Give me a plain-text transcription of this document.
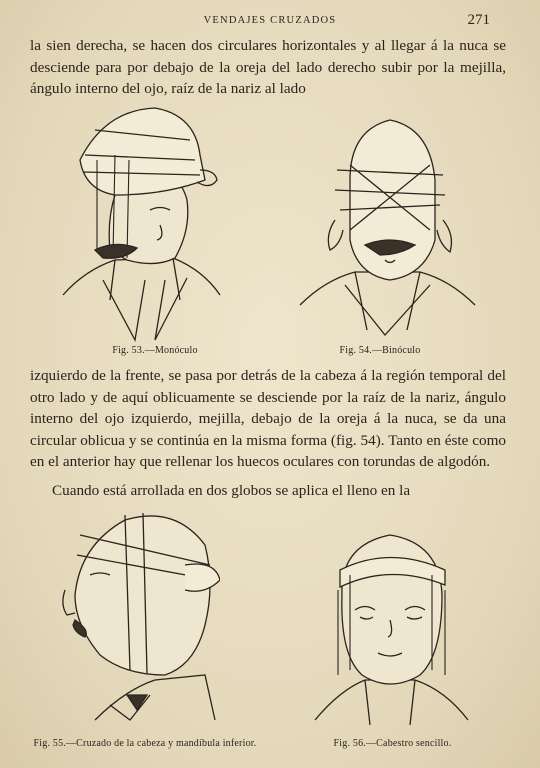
VENDAJES CRUZADOS	271

la sien derecha, se hacen dos circulares horizontales y al llegar á la nuca se desciende para por debajo de la oreja del lado derecho subir por la mejilla, ángulo interno del ojo, raíz de la nariz al lado

Fig. 53.—Monóculo	Fig. 54.—Binóculo

izquierdo de la frente, se pasa por detrás de la cabeza á la región temporal del otro lado y de aquí oblicuamente se desciende por la raíz de la nariz, ángulo interno del ojo izquierdo, mejilla, debajo de la oreja á la nuca, se da una circular oblicua y se continúa en la misma forma (fig. 54). Tanto en éste como en el anterior hay que rellenar los huecos oculares con torundas de algodón.

Cuando está arrollada en dos globos se aplica el lleno en la

Fig. 55.—Cruzado de la cabeza y mandíbula inferior.	Fig. 56.—Cabestro sencillo.
